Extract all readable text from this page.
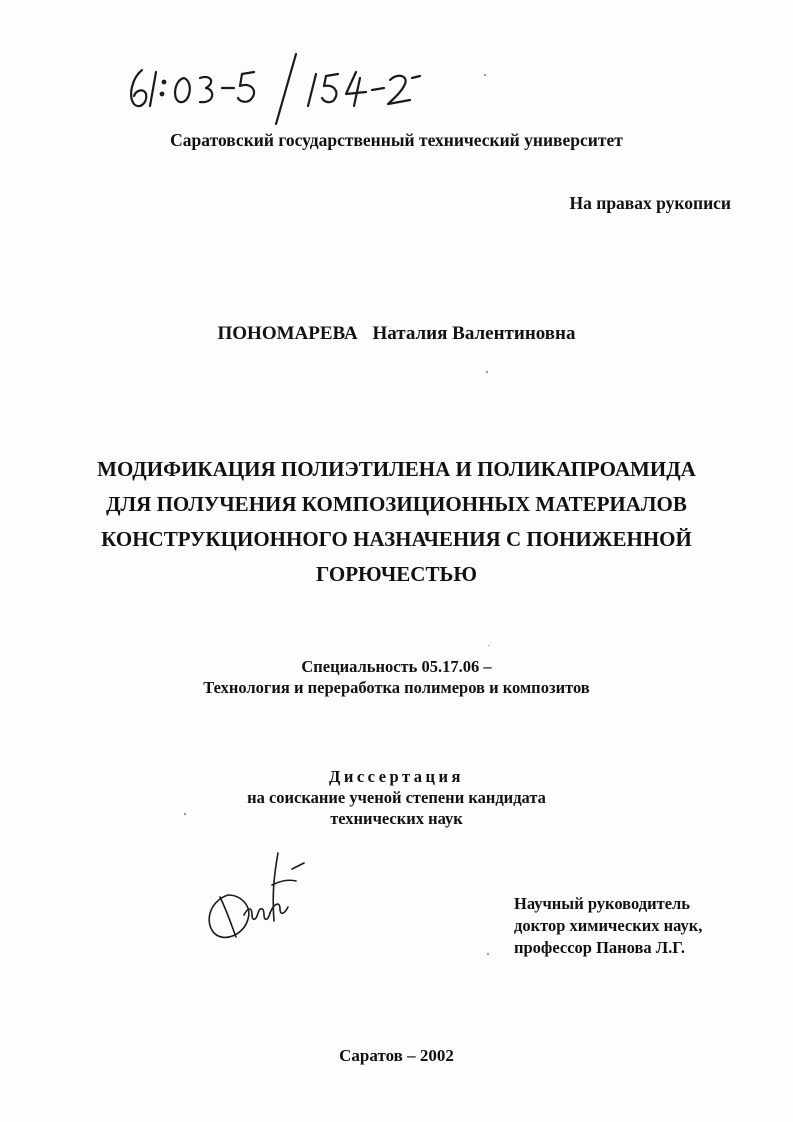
Саратовский государственный технический университет
На правах рукописи
ПОНОМАРЕВА Наталия Валентиновна
МОДИФИКАЦИЯ ПОЛИЭТИЛЕНА И ПОЛИКАПРОАМИДА
ДЛЯ ПОЛУЧЕНИЯ КОМПОЗИЦИОННЫХ МАТЕРИАЛОВ
КОНСТРУКЦИОННОГО НАЗНАЧЕНИЯ С ПОНИЖЕННОЙ
ГОРЮЧЕСТЬЮ
Специальность 05.17.06 –
Технология и переработка полимеров и композитов
Диссертация
на соискание ученой степени кандидата
технических наук
Научный руководитель
доктор химических наук,
профессор Панова Л.Г.
Саратов – 2002
